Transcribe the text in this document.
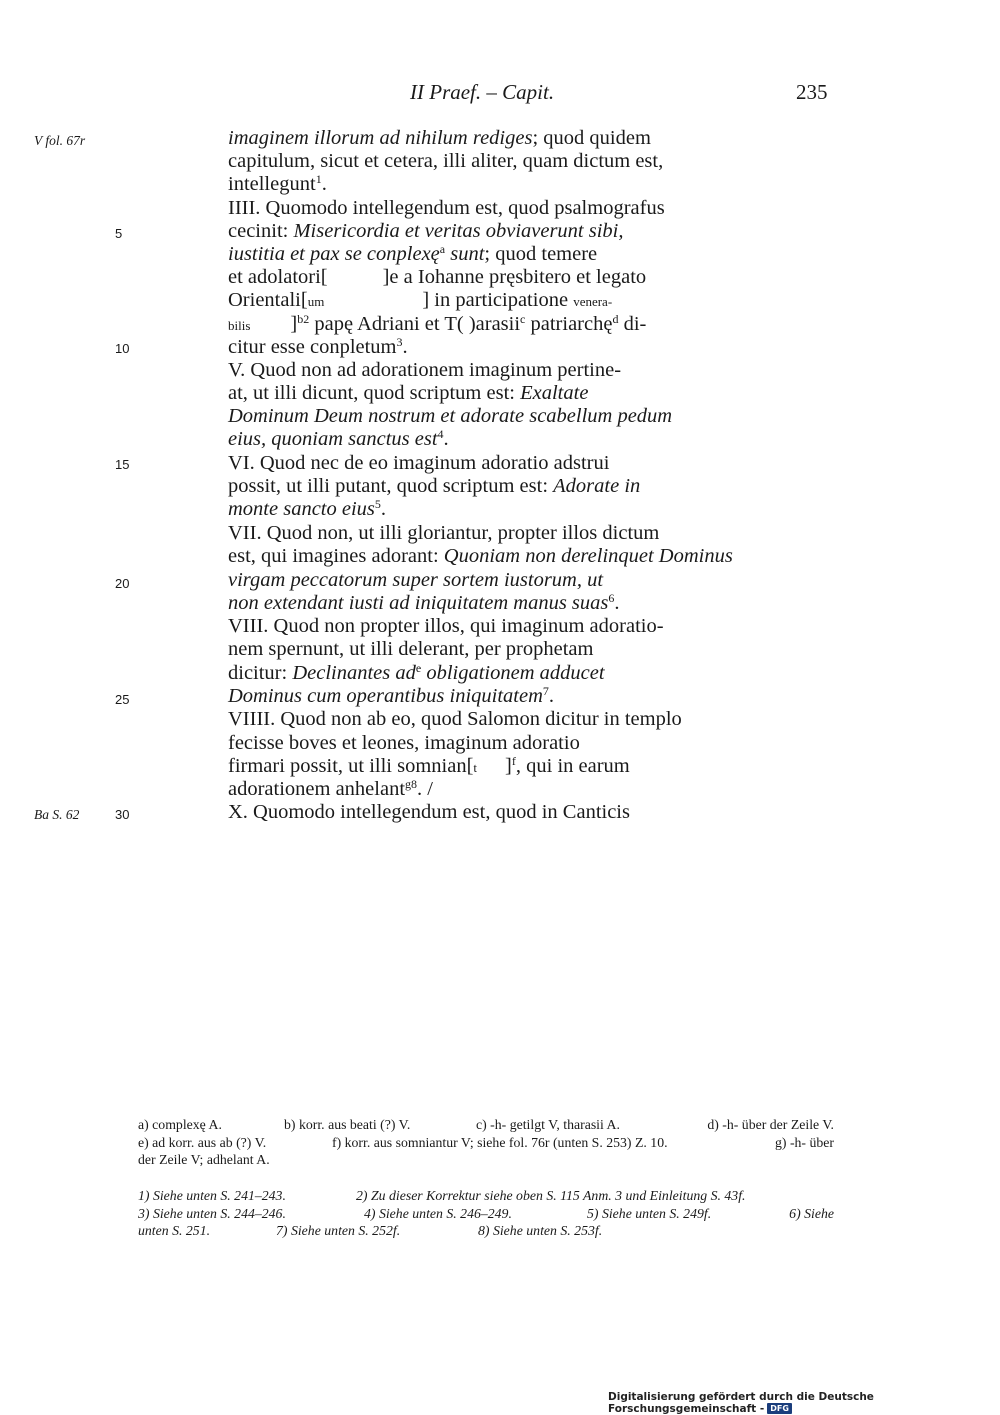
II Praef. – Capit.	235
V fol. 67r
Ba S. 62
5
10
15
20
25
30
imaginem illorum ad nihilum rediges; quod quidem
capitulum, sicut et cetera, illi aliter, quam dictum est,
intellegunt$^1$.
IIII. Quomodo intellegendum est, quod psalmografus
cecinit: Misericordia et veritas obviaverunt sibi,
iustitia et pax se conplexę$^a$ sunt; quod temere
et adolatori[	]e a Iohanne pręsbitero et legato
Orientali[um	] in participatione venera-
bilis ]$^{b2}$ papę Adriani et T( )arasii$^c$ patriarchę$^d$ di-
citur esse conpletum$^3$.
V. Quod non ad adorationem imaginum pertine-
at, ut illi dicunt, quod scriptum est: Exaltate
Dominum Deum nostrum et adorate scabellum pedum
eius, quoniam sanctus est$^4$.
VI. Quod nec de eo imaginum adoratio adstrui
possit, ut illi putant, quod scriptum est: Adorate in
monte sancto eius$^5$.
VII. Quod non, ut illi gloriantur, propter illos dictum
est, qui imagines adorant: Quoniam non derelinquet Dominus
virgam peccatorum super sortem iustorum, ut
non extendant iusti ad iniquitatem manus suas$^6$.
VIII. Quod non propter illos, qui imaginum adoratio-
nem spernunt, ut illi delerant, per prophetam
dicitur: Declinantes $ad^e$ obligationem adducet
Dominus cum operantibus iniquitatem$^7$.
VIIII. Quod non ab eo, quod Salomon dicitur in templo
fecisse boves et leones, imaginum adoratio
firmari possit, ut illi somnian[t ]$^f$, qui in earum
adorationem anhelant$^{g8}$. /
X. Quomodo intellegendum est, quod in Canticis
a) complexę A.	b) korr. aus beati (?) V.	c) -h- getilgt V, tharasii A.	d) -h- über der Zeile V.
e) ad korr. aus ab (?) V.	f) korr. aus somniantur V; siehe fol. 76r (unten S. 253) Z. 10.	g) -h- über
der Zeile V; adhelant A.
1) Siehe unten S. 241–243.	2) Zu dieser Korrektur siehe oben S. 115 Anm. 3 und Einleitung S. 43f.
3) Siehe unten S. 244–246.	4) Siehe unten S. 246–249.	5) Siehe unten S. 249f.	6) Siehe
unten S. 251.	7) Siehe unten S. 252f.	8) Siehe unten S. 253f.
Digitalisierung gefördert durch die Deutsche Forschungsgemeinschaft - DFG
